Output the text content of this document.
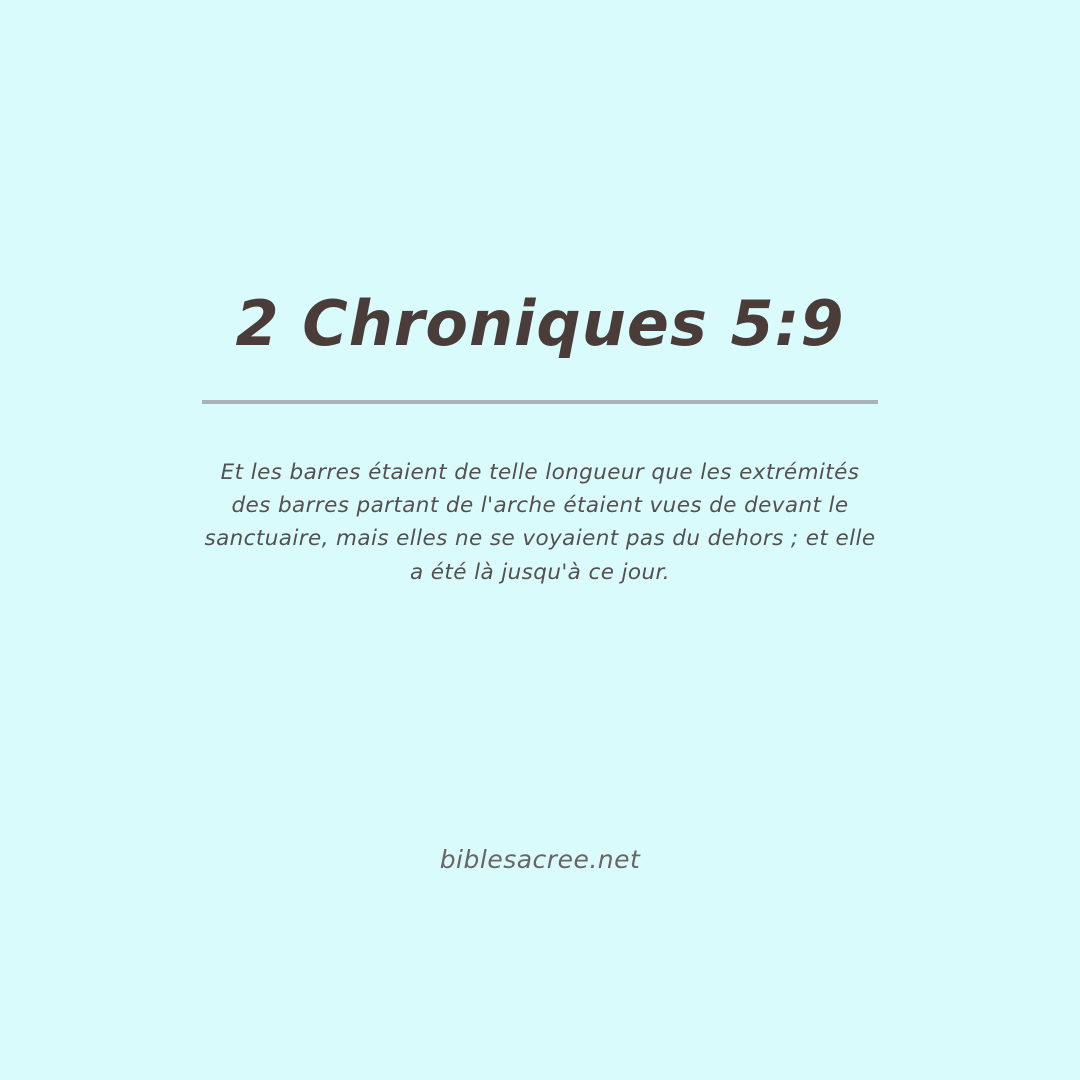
2 Chroniques 5:9
Et les barres étaient de telle longueur que les extrémités des barres partant de l'arche étaient vues de devant le sanctuaire, mais elles ne se voyaient pas du dehors ; et elle a été là jusqu'à ce jour.
biblesacree.net
